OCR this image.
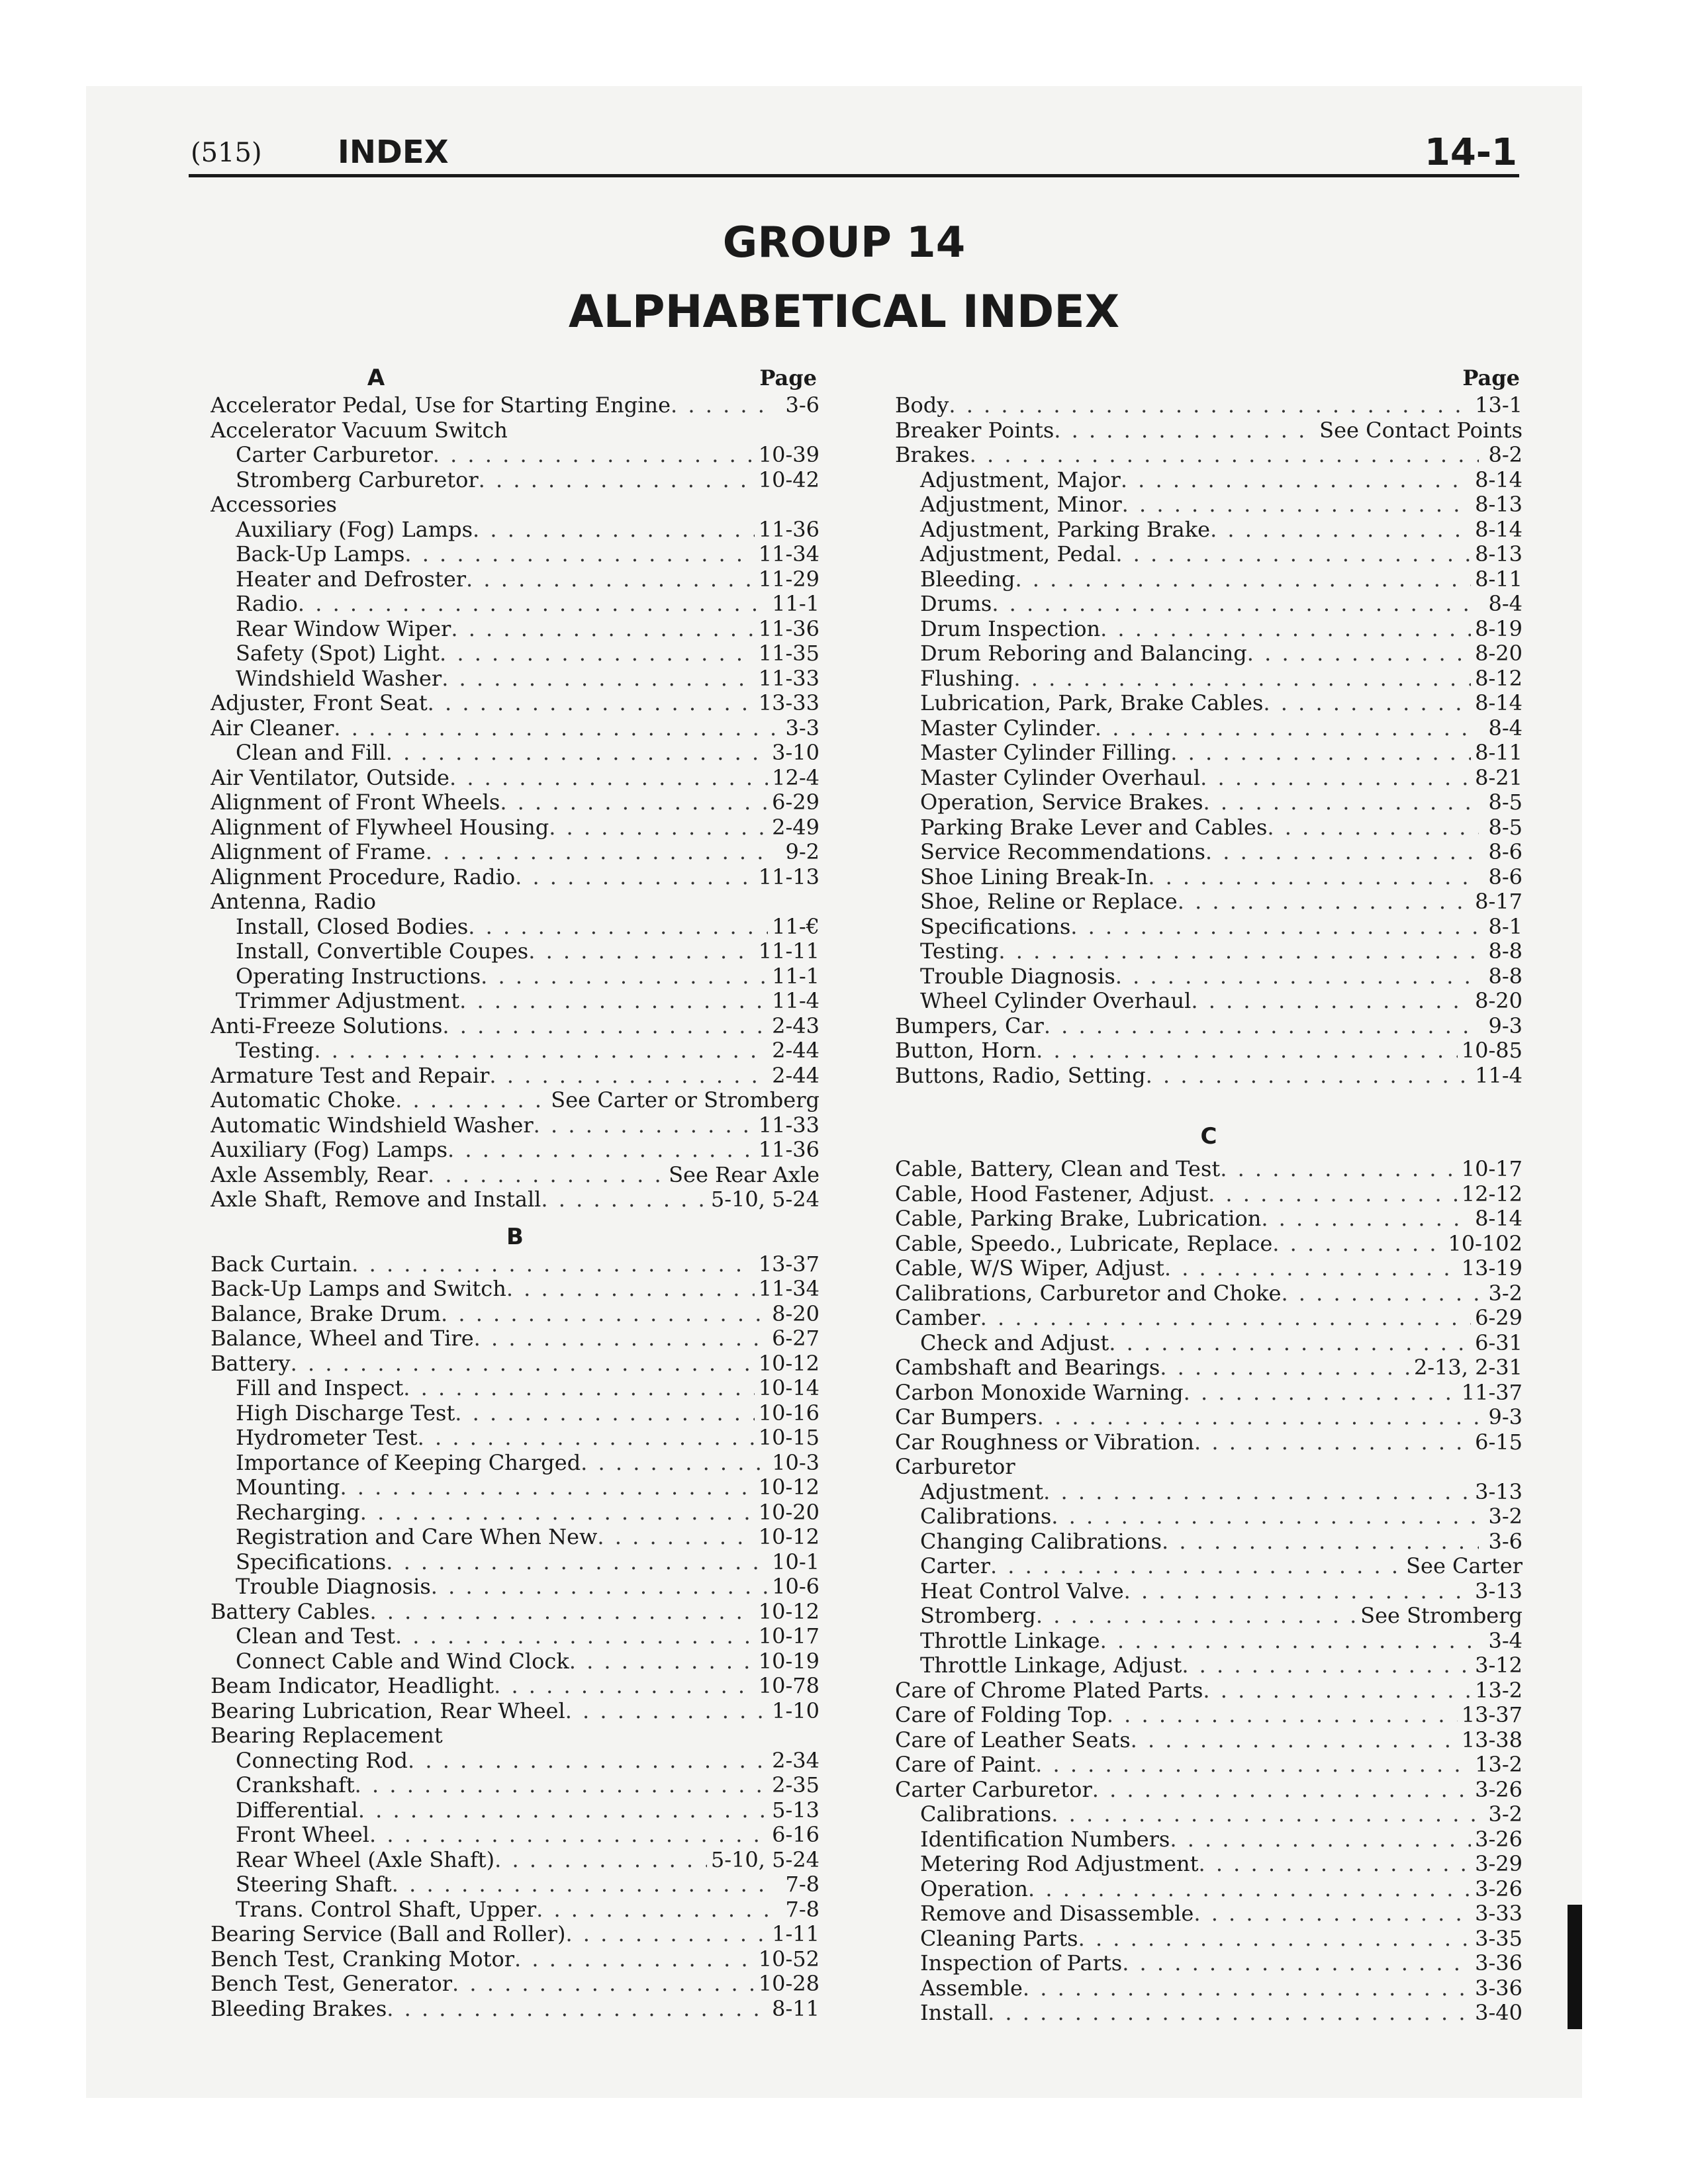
(515) INDEX	14-1
GROUP 14
ALPHABETICAL INDEX
A	Page
Accelerator Pedal, Use for Starting Engine . . .	3-6
Accelerator Vacuum Switch
Carter Carburetor . . .	10-39
Stromberg Carburetor . . .	10-42
Accessories
Auxiliary (Fog) Lamps . . .	11-36
Back-Up Lamps . . .	11-34
Heater and Defroster . . .	11-29
Radio . . .	11-1
Rear Window Wiper . . .	11-36
Safety (Spot) Light . . .	11-35
Windshield Washer . . .	11-33
Adjuster, Front Seat . . .	13-33
Air Cleaner . . .	3-3
Clean and Fill . . .	3-10
Air Ventilator, Outside . . .	12-4
Alignment of Front Wheels . . .	6-29
Alignment of Flywheel Housing . . .	2-49
Alignment of Frame . . .	9-2
Alignment Procedure, Radio . . .	11-13
Antenna, Radio
Install, Closed Bodies . . .	11-€
Install, Convertible Coupes . . .	11-11
Operating Instructions . . .	11-1
Trimmer Adjustment . . .	11-4
Anti-Freeze Solutions . . .	2-43
Testing . . .	2-44
Armature Test and Repair . . .	2-44
Automatic Choke . . .	See Carter or Stromberg
Automatic Windshield Washer . . .	11-33
Auxiliary (Fog) Lamps . . .	11-36
Axle Assembly, Rear . . .	See Rear Axle
Axle Shaft, Remove and Install . . .	5-10, 5-24
B
Back Curtain . . .	13-37
Back-Up Lamps and Switch . . .	11-34
Balance, Brake Drum . . .	8-20
Balance, Wheel and Tire . . .	6-27
Battery . . .	10-12
Fill and Inspect . . .	10-14
High Discharge Test . . .	10-16
Hydrometer Test . . .	10-15
Importance of Keeping Charged . . .	10-3
Mounting . . .	10-12
Recharging . . .	10-20
Registration and Care When New . . .	10-12
Specifications . . .	10-1
Trouble Diagnosis . . .	10-6
Battery Cables . . .	10-12
Clean and Test . . .	10-17
Connect Cable and Wind Clock . . .	10-19
Beam Indicator, Headlight . . .	10-78
Bearing Lubrication, Rear Wheel . . .	1-10
Bearing Replacement
Connecting Rod . . .	2-34
Crankshaft . . .	2-35
Differential . . .	5-13
Front Wheel . . .	6-16
Rear Wheel (Axle Shaft) . . .	5-10, 5-24
Steering Shaft . . .	7-8
Trans. Control Shaft, Upper . . .	7-8
Bearing Service (Ball and Roller) . . .	1-11
Bench Test, Cranking Motor . . .	10-52
Bench Test, Generator . . .	10-28
Bleeding Brakes . . .	8-11
Page
Body . . .	13-1
Breaker Points . . .	See Contact Points
Brakes . . .	8-2
Adjustment, Major . . .	8-14
Adjustment, Minor . . .	8-13
Adjustment, Parking Brake . . .	8-14
Adjustment, Pedal . . .	8-13
Bleeding . . .	8-11
Drums . . .	8-4
Drum Inspection . . .	8-19
Drum Reboring and Balancing . . .	8-20
Flushing . . .	8-12
Lubrication, Park, Brake Cables . . .	8-14
Master Cylinder . . .	8-4
Master Cylinder Filling . . .	8-11
Master Cylinder Overhaul . . .	8-21
Operation, Service Brakes . . .	8-5
Parking Brake Lever and Cables . . .	8-5
Service Recommendations . . .	8-6
Shoe Lining Break-In . . .	8-6
Shoe, Reline or Replace . . .	8-17
Specifications . . .	8-1
Testing . . .	8-8
Trouble Diagnosis . . .	8-8
Wheel Cylinder Overhaul . . .	8-20
Bumpers, Car . . .	9-3
Button, Horn . . .	10-85
Buttons, Radio, Setting . . .	11-4
C
Cable, Battery, Clean and Test . . .	10-17
Cable, Hood Fastener, Adjust . . .	12-12
Cable, Parking Brake, Lubrication . . .	8-14
Cable, Speedo., Lubricate, Replace . . .	10-102
Cable, W/S Wiper, Adjust . . .	13-19
Calibrations, Carburetor and Choke . . .	3-2
Camber . . .	6-29
Check and Adjust . . .	6-31
Cambshaft and Bearings . . .	2-13, 2-31
Carbon Monoxide Warning . . .	11-37
Car Bumpers . . .	9-3
Car Roughness or Vibration . . .	6-15
Carburetor
Adjustment . . .	3-13
Calibrations . . .	3-2
Changing Calibrations . . .	3-6
Carter . . .	See Carter
Heat Control Valve . . .	3-13
Stromberg . . .	See Stromberg
Throttle Linkage . . .	3-4
Throttle Linkage, Adjust . . .	3-12
Care of Chrome Plated Parts . . .	13-2
Care of Folding Top . . .	13-37
Care of Leather Seats . . .	13-38
Care of Paint . . .	13-2
Carter Carburetor . . .	3-26
Calibrations . . .	3-2
Identification Numbers . . .	3-26
Metering Rod Adjustment . . .	3-29
Operation . . .	3-26
Remove and Disassemble . . .	3-33
Cleaning Parts . . .	3-35
Inspection of Parts . . .	3-36
Assemble . . .	3-36
Install . . .	3-40
